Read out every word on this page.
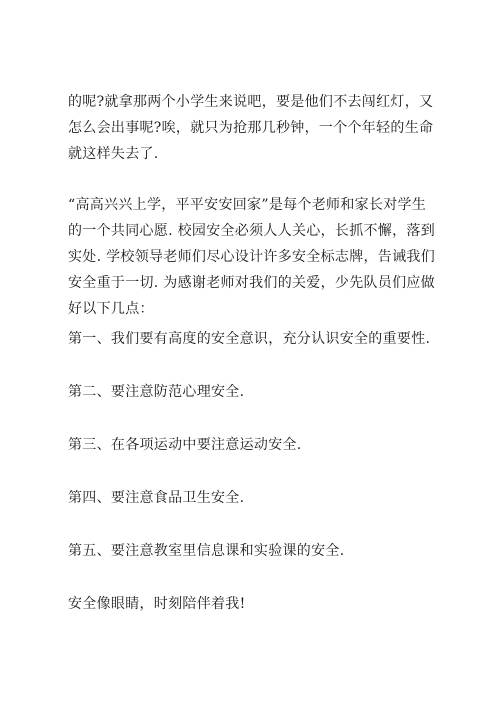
的呢?就拿那两个小学生来说吧，要是他们不去闯红灯，又怎么会出事呢?唉，就只为抢那几秒钟，一个个年轻的生命就这样失去了.

“高高兴兴上学，平平安安回家”是每个老师和家长对学生的一个共同心愿. 校园安全必须人人关心，长抓不懈，落到实处. 学校领导老师们尽心设计许多安全标志牌，告诫我们安全重于一切. 为感谢老师对我们的关爱，少先队员们应做好以下几点：

第一、我们要有高度的安全意识，充分认识安全的重要性.
第二、要注意防范心理安全.
第三、在各项运动中要注意运动安全.
第四、要注意食品卫生安全.
第五、要注意教室里信息课和实验课的安全.
安全像眼睛，时刻陪伴着我!
